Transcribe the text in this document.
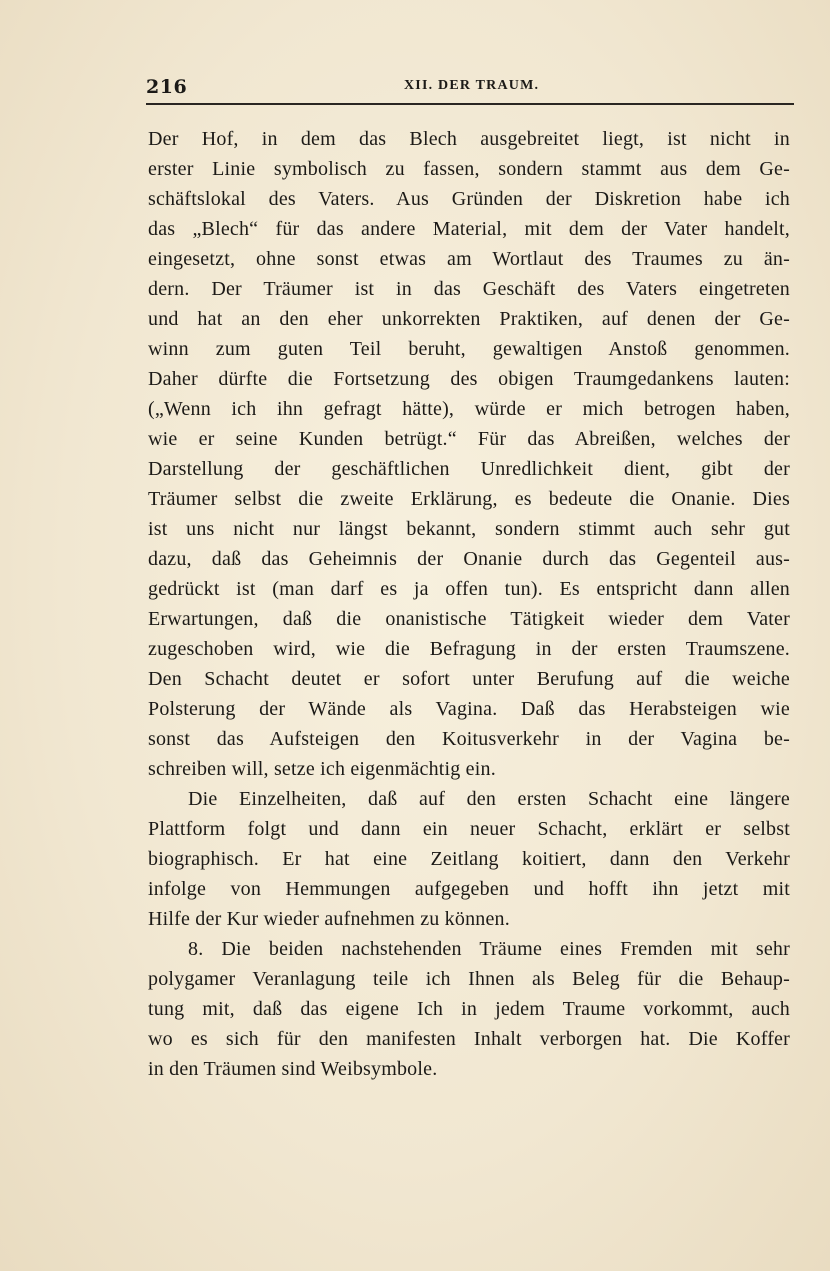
216	XII. DER TRAUM.
Der Hof, in dem das Blech ausgebreitet liegt, ist nicht in
erster Linie symbolisch zu fassen, sondern stammt aus dem Ge-
schäftslokal des Vaters. Aus Gründen der Diskretion habe ich
das „Blech“ für das andere Material, mit dem der Vater handelt,
eingesetzt, ohne sonst etwas am Wortlaut des Traumes zu än-
dern. Der Träumer ist in das Geschäft des Vaters eingetreten
und hat an den eher unkorrekten Praktiken, auf denen der Ge-
winn zum guten Teil beruht, gewaltigen Anstoß genommen.
Daher dürfte die Fortsetzung des obigen Traumgedankens lauten:
(„Wenn ich ihn gefragt hätte), würde er mich betrogen haben,
wie er seine Kunden betrügt.“ Für das Abreißen, welches der
Darstellung der geschäftlichen Unredlichkeit dient, gibt der
Träumer selbst die zweite Erklärung, es bedeute die Onanie. Dies
ist uns nicht nur längst bekannt, sondern stimmt auch sehr gut
dazu, daß das Geheimnis der Onanie durch das Gegenteil aus-
gedrückt ist (man darf es ja offen tun). Es entspricht dann allen
Erwartungen, daß die onanistische Tätigkeit wieder dem Vater
zugeschoben wird, wie die Befragung in der ersten Traumszene.
Den Schacht deutet er sofort unter Berufung auf die weiche
Polsterung der Wände als Vagina. Daß das Herabsteigen wie
sonst das Aufsteigen den Koitusverkehr in der Vagina be-
schreiben will, setze ich eigenmächtig ein.
Die Einzelheiten, daß auf den ersten Schacht eine längere
Plattform folgt und dann ein neuer Schacht, erklärt er selbst
biographisch. Er hat eine Zeitlang koitiert, dann den Verkehr
infolge von Hemmungen aufgegeben und hofft ihn jetzt mit
Hilfe der Kur wieder aufnehmen zu können.
8. Die beiden nachstehenden Träume eines Fremden mit sehr
polygamer Veranlagung teile ich Ihnen als Beleg für die Behaup-
tung mit, daß das eigene Ich in jedem Traume vorkommt, auch
wo es sich für den manifesten Inhalt verborgen hat. Die Koffer
in den Träumen sind Weibsymbole.
